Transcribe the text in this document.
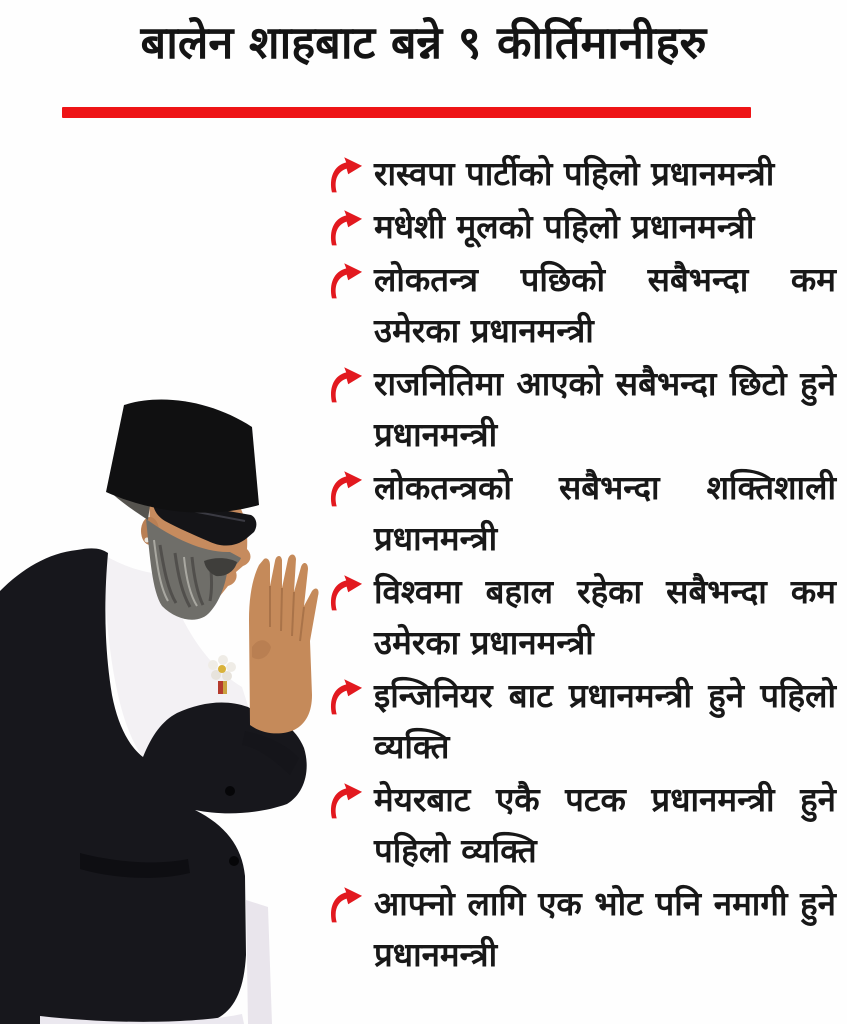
बालेन शाहबाट बन्ने ९ कीर्तिमानीहरु
रास्वपा पार्टीको पहिलो प्रधानमन्त्री
मधेशी मूलको पहिलो प्रधानमन्त्री
लोकतन्त्र पछिको सबैभन्दा कम उमेरका प्रधानमन्त्री
राजनितिमा आएको सबैभन्दा छिटो हुने प्रधानमन्त्री
लोकतन्त्रको सबैभन्दा शक्तिशाली प्रधानमन्त्री
विश्वमा बहाल रहेका सबैभन्दा कम उमेरका प्रधानमन्त्री
इन्जिनियर बाट प्रधानमन्त्री हुने पहिलो व्यक्ति
मेयरबाट एकै पटक प्रधानमन्त्री हुने पहिलो व्यक्ति
आफ्नो लागि एक भोट पनि नमागी हुने प्रधानमन्त्री
